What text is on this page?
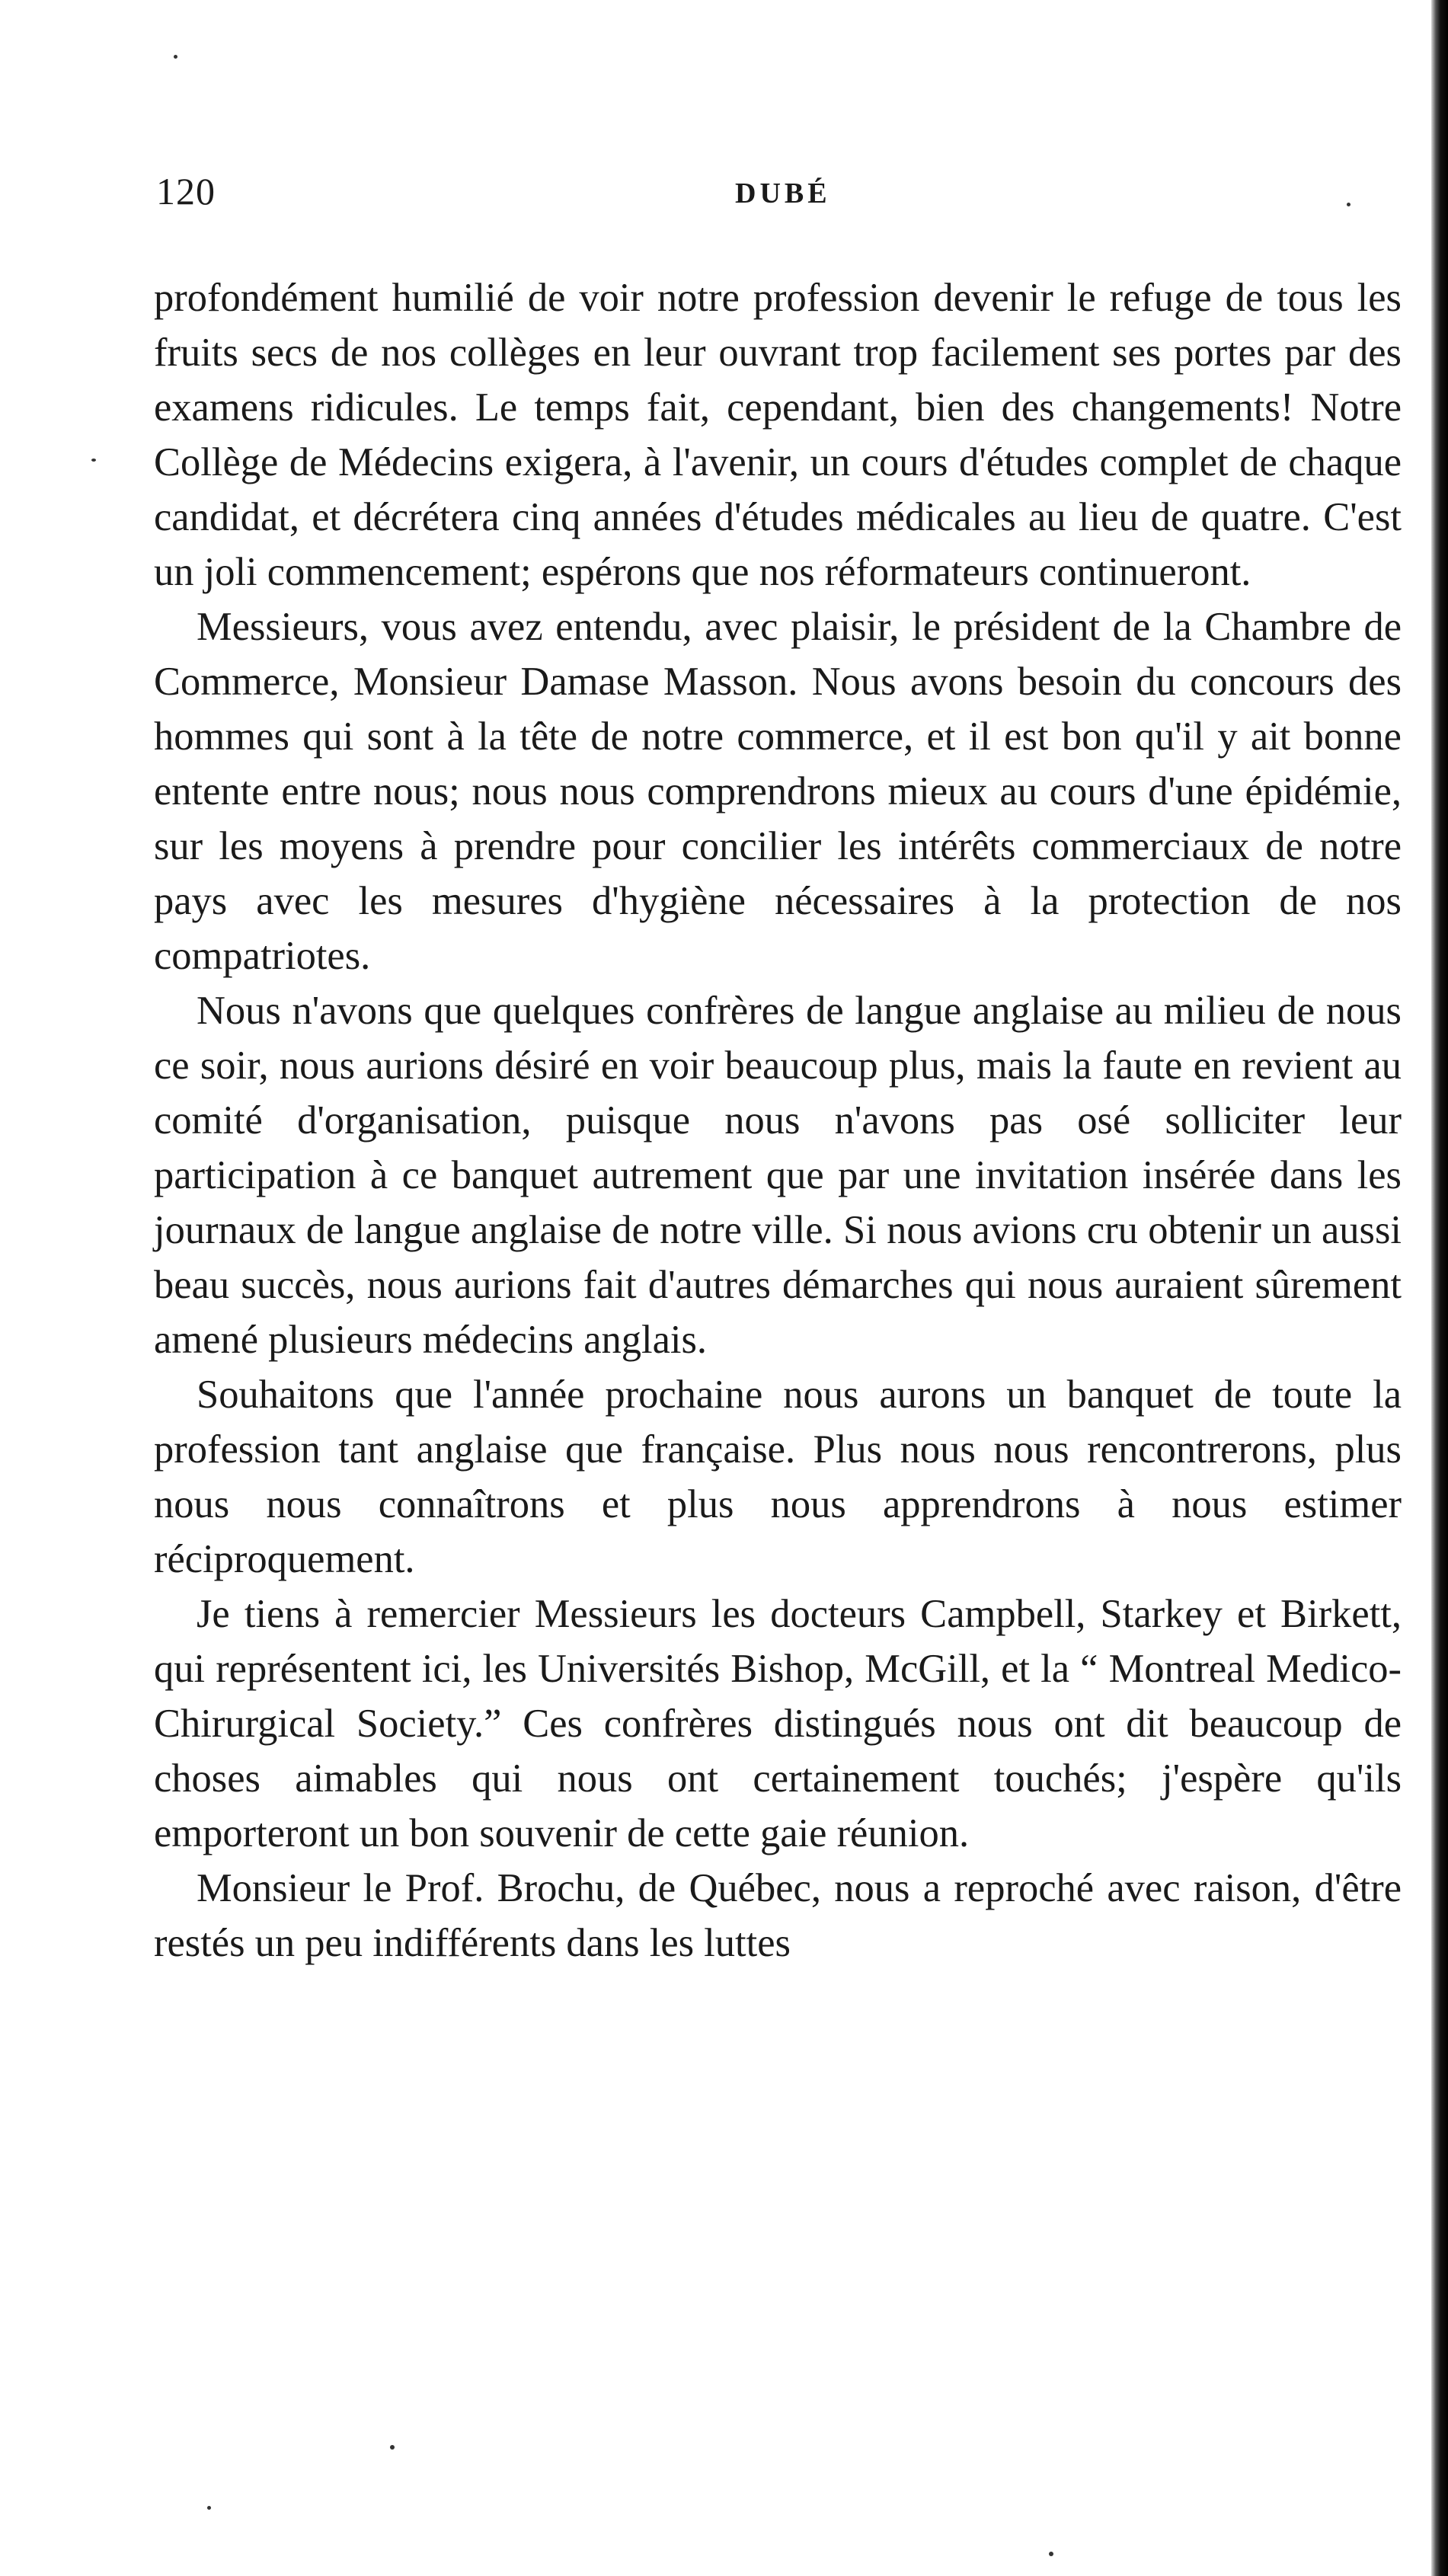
120	DUBÉ

profondément humilié de voir notre profession devenir le refuge de tous les fruits secs de nos collèges en leur ouvrant trop facilement ses portes par des examens ridicules. Le temps fait, cependant, bien des changements! Notre Collège de Médecins exigera, à l'avenir, un cours d'études complet de chaque candidat, et décrétera cinq années d'études médicales au lieu de quatre. C'est un joli commencement; espérons que nos réformateurs continueront.

Messieurs, vous avez entendu, avec plaisir, le président de la Chambre de Commerce, Monsieur Damase Masson. Nous avons besoin du concours des hommes qui sont à la tête de notre commerce, et il est bon qu'il y ait bonne entente entre nous; nous nous comprendrons mieux au cours d'une épidémie, sur les moyens à prendre pour concilier les intérêts commerciaux de notre pays avec les mesures d'hygiène nécessaires à la protection de nos compatriotes.

Nous n'avons que quelques confrères de langue anglaise au milieu de nous ce soir, nous aurions désiré en voir beaucoup plus, mais la faute en revient au comité d'organisation, puisque nous n'avons pas osé solliciter leur participation à ce banquet autrement que par une invitation insérée dans les journaux de langue anglaise de notre ville. Si nous avions cru obtenir un aussi beau succès, nous aurions fait d'autres démarches qui nous auraient sûrement amené plusieurs médecins anglais.

Souhaitons que l'année prochaine nous aurons un banquet de toute la profession tant anglaise que française. Plus nous nous rencontrerons, plus nous nous connaîtrons et plus nous apprendrons à nous estimer réciproquement.

Je tiens à remercier Messieurs les docteurs Campbell, Starkey et Birkett, qui représentent ici, les Universités Bishop, McGill, et la “ Montreal Medico-Chirurgical Society.” Ces confrères distingués nous ont dit beaucoup de choses aimables qui nous ont certainement touchés; j'espère qu'ils emporteront un bon souvenir de cette gaie réunion.

Monsieur le Prof. Brochu, de Québec, nous a reproché avec raison, d'être restés un peu indifférents dans les luttes
